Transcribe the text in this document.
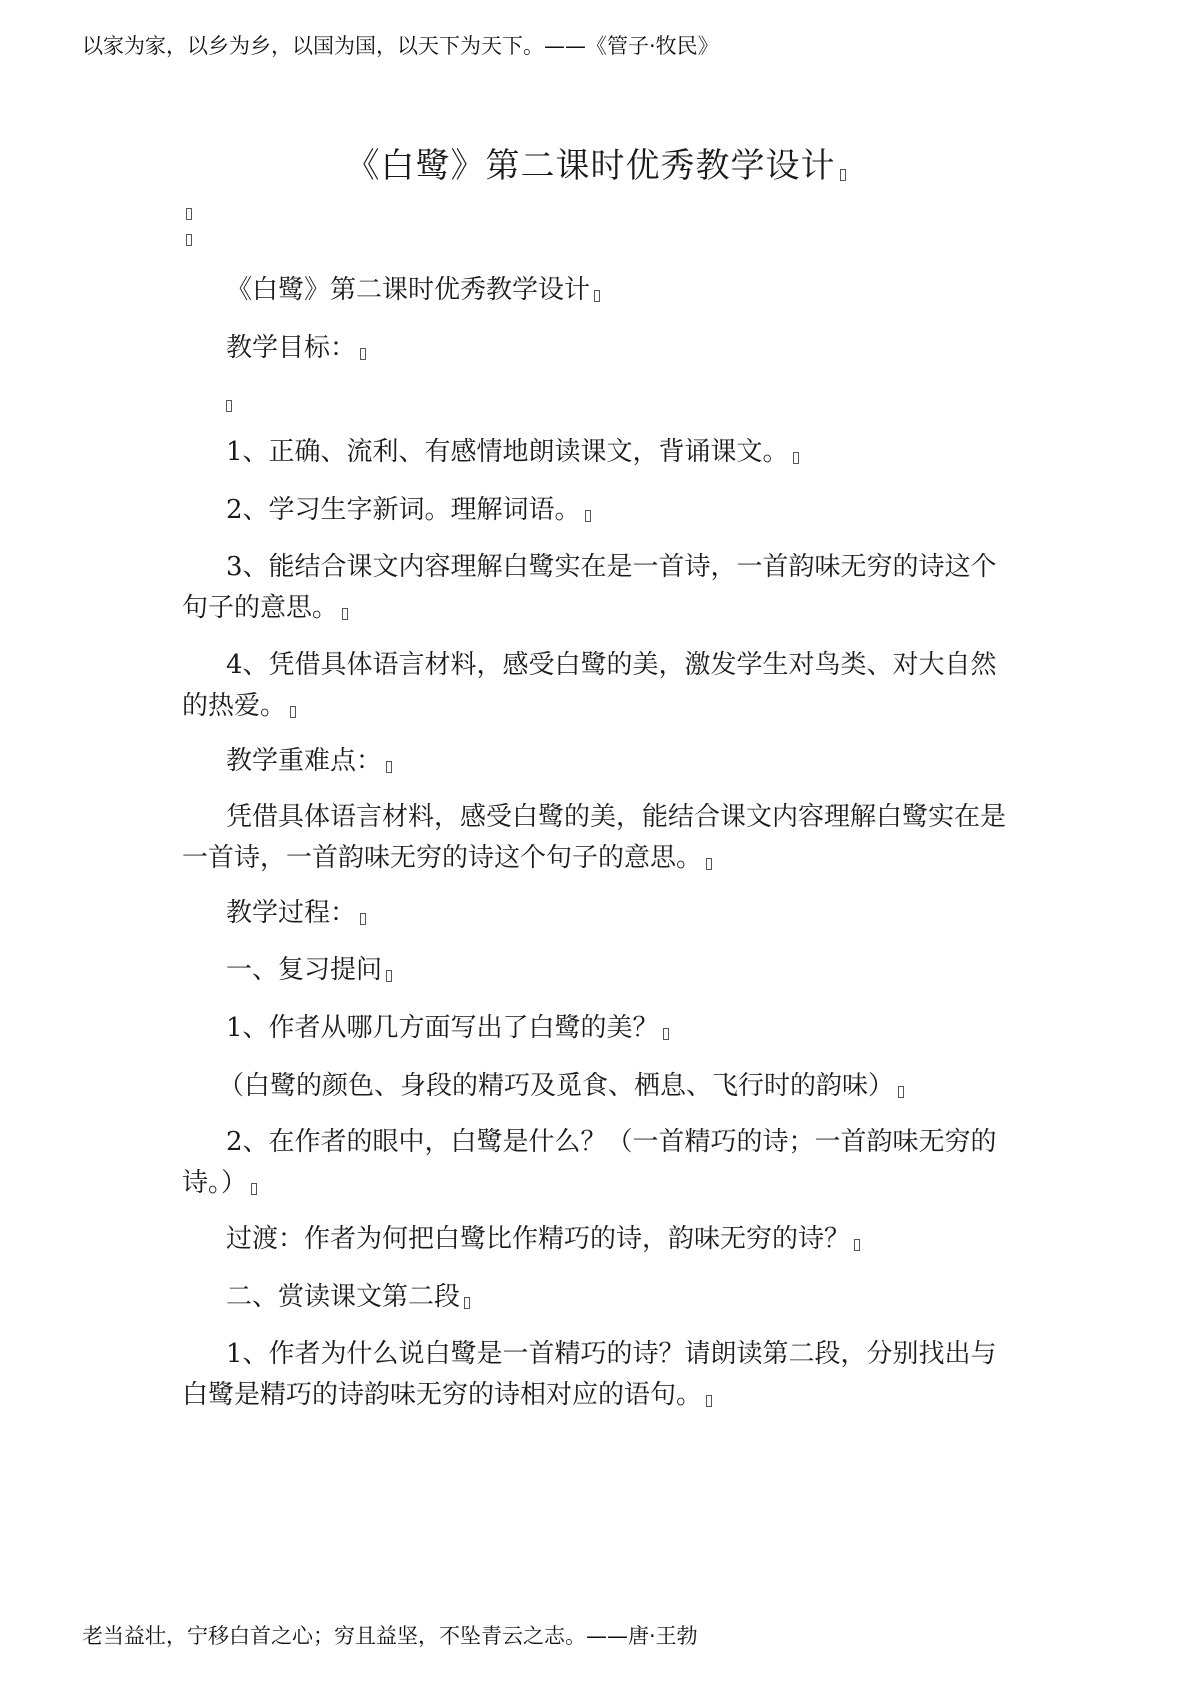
以家为家，以乡为乡，以国为国，以天下为天下。——《管子·牧民》
《白鹭》第二课时优秀教学设计

《白鹭》第二课时优秀教学设计

教学目标：

1、正确、流利、有感情地朗读课文，背诵课文。

2、学习生字新词。理解词语。

3、能结合课文内容理解白鹭实在是一首诗，一首韵味无穷的诗这个句子的意思。

4、凭借具体语言材料，感受白鹭的美，激发学生对鸟类、对大自然的热爱。

教学重难点：

凭借具体语言材料，感受白鹭的美，能结合课文内容理解白鹭实在是一首诗，一首韵味无穷的诗这个句子的意思。

教学过程：

一、复习提问

1、作者从哪几方面写出了白鹭的美？

（白鹭的颜色、身段的精巧及觅食、栖息、飞行时的韵味）

2、在作者的眼中，白鹭是什么？（一首精巧的诗；一首韵味无穷的诗。）

过渡：作者为何把白鹭比作精巧的诗，韵味无穷的诗？

二、赏读课文第二段

1、作者为什么说白鹭是一首精巧的诗？请朗读第二段，分别找出与白鹭是精巧的诗韵味无穷的诗相对应的语句。

老当益壮，宁移白首之心；穷且益坚，不坠青云之志。——唐·王勃
